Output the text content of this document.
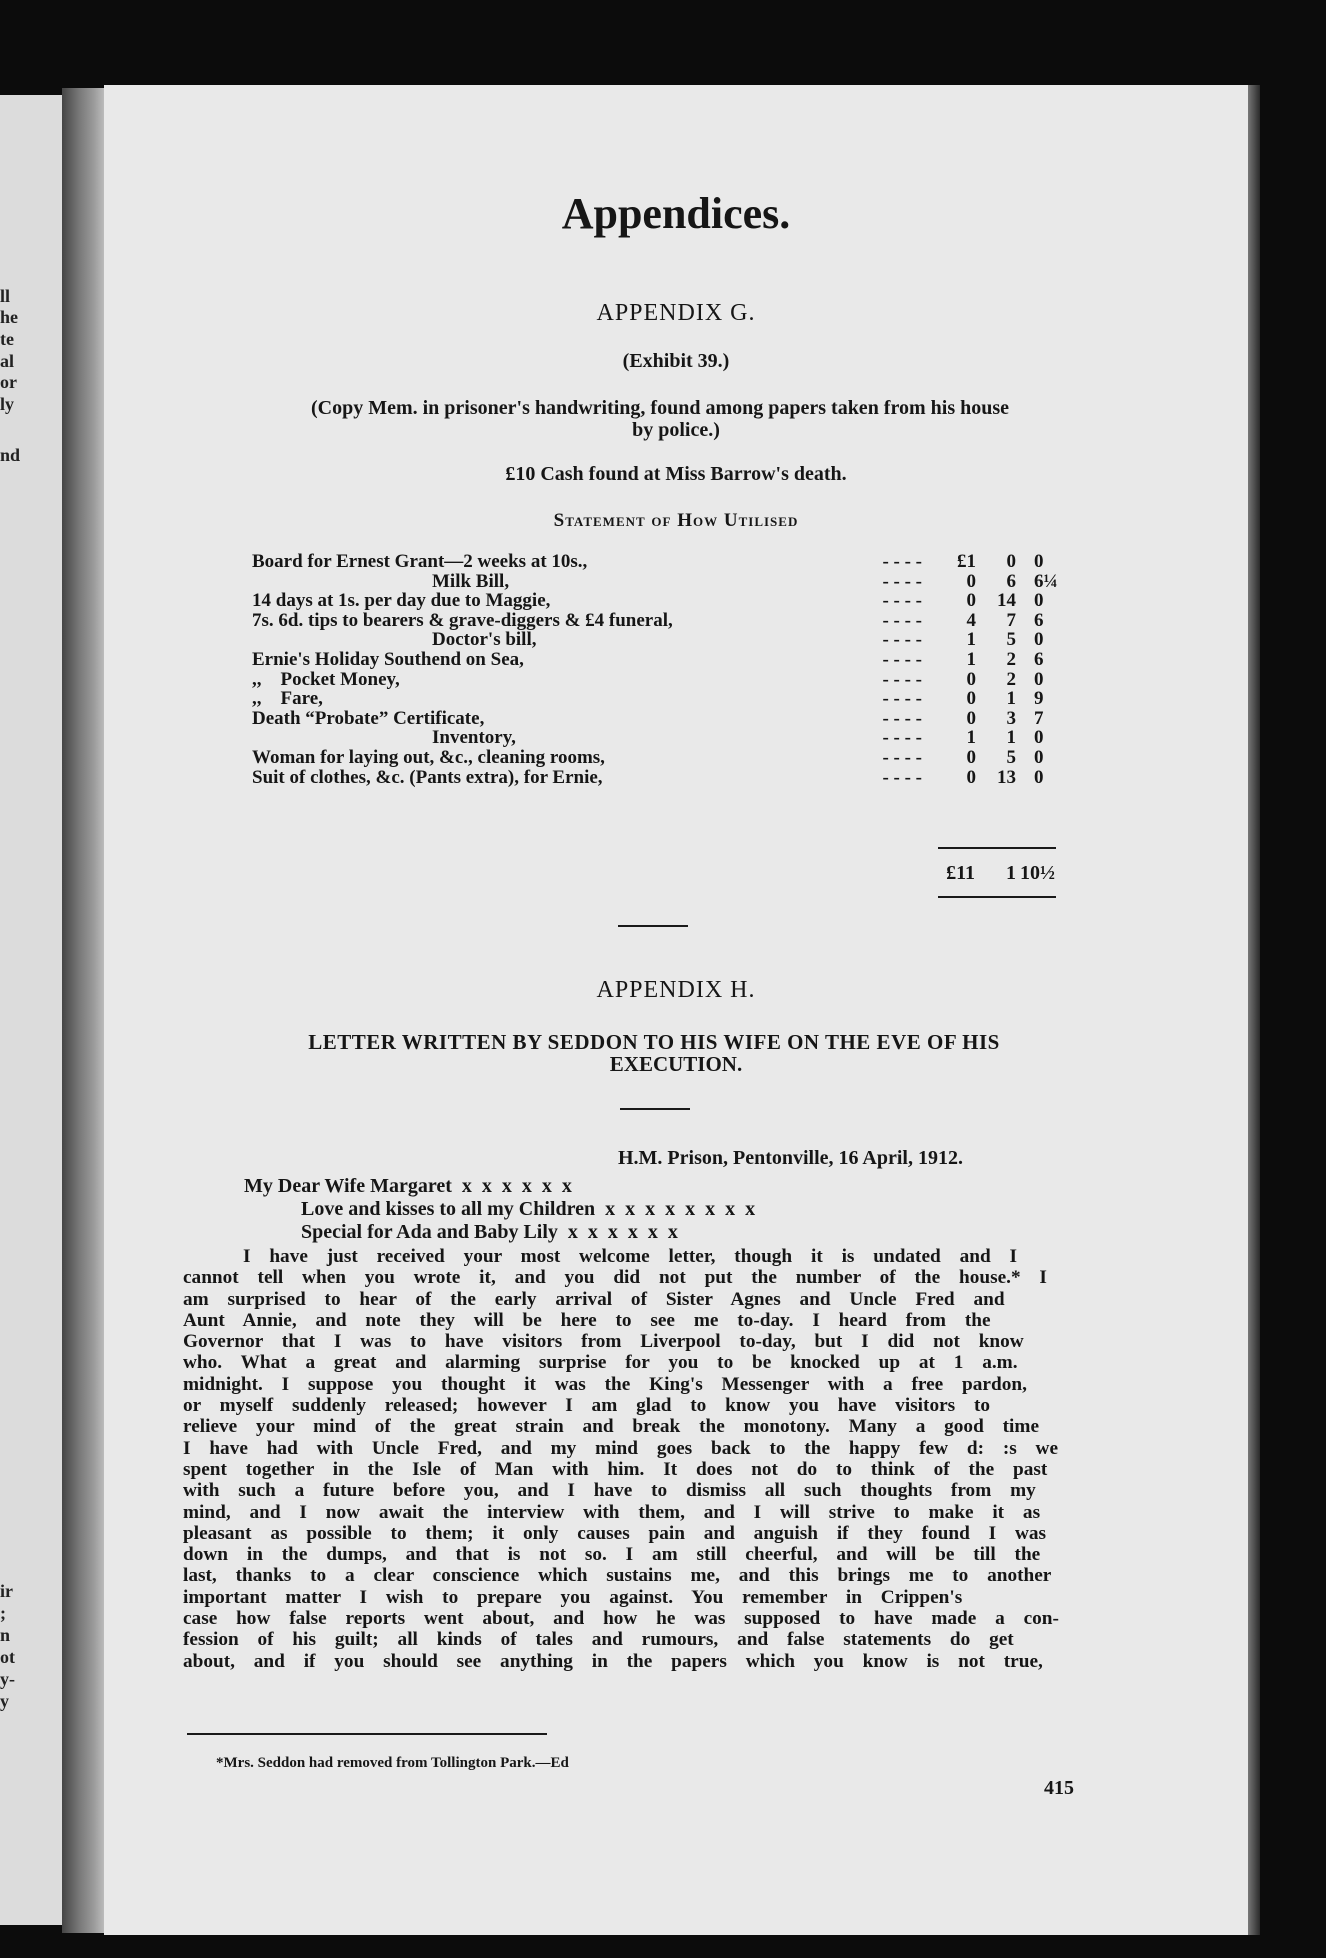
ll
he
te
al
or
ly
nd
ir
;
n
ot
y-
y
Appendices.
APPENDIX G.
(Exhibit 39.)
(Copy Mem. in prisoner's handwriting, found among papers taken from his house
by police.)
£10 Cash found at Miss Barrow's death.
Statement of How Utilised
Board for Ernest Grant—2 weeks at 10s.,	- - - -	£1	0 0
Milk Bill,	- - - -	0	6 6¼
14 days at 1s. per day due to Maggie,	- - - -	0	14 0
7s. 6d. tips to bearers & grave-diggers & £4 funeral,	- - - -	4	7 6
Doctor's bill,	- - - -	1	5 0
Ernie's Holiday Southend on Sea,	- - - -	1	2 6
,,    Pocket Money,	- - - -	0	2 0
,,    Fare,	- - - -	0	1 9
Death “Probate” Certificate,	- - - -	0	3 7
Inventory,	- - - -	1	1 0
Woman for laying out, &c., cleaning rooms,	- - - -	0	5 0
Suit of clothes, &c. (Pants extra), for Ernie,	- - - -	0	13 0
£11	1 10½
APPENDIX H.
LETTER WRITTEN BY SEDDON TO HIS WIFE ON THE EVE OF HIS
EXECUTION.
H.M. Prison, Pentonville, 16 April, 1912.
My Dear Wife Margaret  x  x  x  x  x  x
Love and kisses to all my Children  x  x  x  x  x  x  x  x
Special for Ada and Baby Lily  x  x  x  x  x  x
I have just received your most welcome letter, though it is undated and I
cannot tell when you wrote it, and you did not put the number of the house.* I
am surprised to hear of the early arrival of Sister Agnes and Uncle Fred and
Aunt Annie, and note they will be here to see me to-day. I heard from the
Governor that I was to have visitors from Liverpool to-day, but I did not know
who. What a great and alarming surprise for you to be knocked up at 1 a.m.
midnight. I suppose you thought it was the King's Messenger with a free pardon,
or myself suddenly released; however I am glad to know you have visitors to
relieve your mind of the great strain and break the monotony. Many a good time
I have had with Uncle Fred, and my mind goes back to the happy few d: :s we
spent together in the Isle of Man with him. It does not do to think of the past
with such a future before you, and I have to dismiss all such thoughts from my
mind, and I now await the interview with them, and I will strive to make it as
pleasant as possible to them; it only causes pain and anguish if they found I was
down in the dumps, and that is not so. I am still cheerful, and will be till the
last, thanks to a clear conscience which sustains me, and this brings me to another
important matter I wish to prepare you against. You remember in Crippen's
case how false reports went about, and how he was supposed to have made a con-
fession of his guilt; all kinds of tales and rumours, and false statements do get
about, and if you should see anything in the papers which you know is not true,
*Mrs. Seddon had removed from Tollington Park.—Ed
415
